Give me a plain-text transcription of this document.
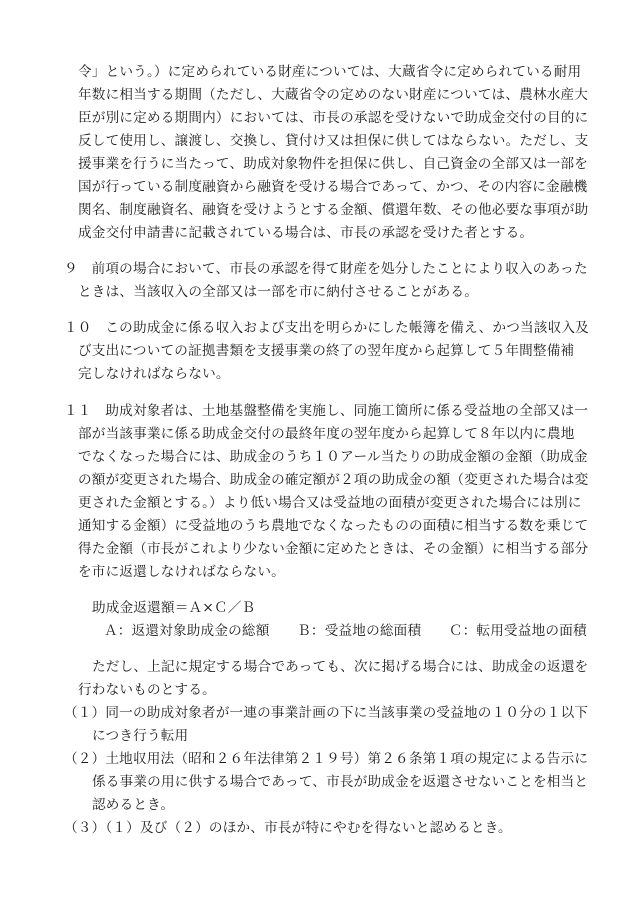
令」という。）に定められている財産については、大蔵省令に定められている耐用
年数に相当する期間（ただし、大蔵省令の定めのない財産については、農林水産大
臣が別に定める期間内）においては、市長の承認を受けないで助成金交付の目的に
反して使用し、譲渡し、交換し、貸付け又は担保に供してはならない。ただし、支
援事業を行うに当たって、助成対象物件を担保に供し、自己資金の全部又は一部を
国が行っている制度融資から融資を受ける場合であって、かつ、その内容に金融機
関名、制度融資名、融資を受けようとする金額、償還年数、その他必要な事項が助
成金交付申請書に記載されている場合は、市長の承認を受けた者とする。
９　前項の場合において、市長の承認を得て財産を処分したことにより収入のあった
ときは、当該収入の全部又は一部を市に納付させることがある。
１０　この助成金に係る収入および支出を明らかにした帳簿を備え、かつ当該収入及
び支出についての証拠書類を支援事業の終了の翌年度から起算して５年間整備補
完しなければならない。
１１　助成対象者は、土地基盤整備を実施し、同施工箇所に係る受益地の全部又は一
部が当該事業に係る助成金交付の最終年度の翌年度から起算して８年以内に農地
でなくなった場合には、助成金のうち１０アール当たりの助成金額の金額（助成金
の額が変更された場合、助成金の確定額が２項の助成金の額（変更された場合は変
更された金額とする。）より低い場合又は受益地の面積が変更された場合には別に
通知する金額）に受益地のうち農地でなくなったものの面積に相当する数を乗じて
得た金額（市長がこれより少ない金額に定めたときは、その金額）に相当する部分
を市に返還しなければならない。
助成金返還額＝Ａ×Ｃ／Ｂ
Ａ：返還対象助成金の総額　　Ｂ：受益地の総面積　　Ｃ：転用受益地の面積
ただし、上記に規定する場合であっても、次に掲げる場合には、助成金の返還を
行わないものとする。
（１）同一の助成対象者が一連の事業計画の下に当該事業の受益地の１０分の１以下
につき行う転用
（２）土地収用法（昭和２６年法律第２１９号）第２６条第１項の規定による告示に
係る事業の用に供する場合であって、市長が助成金を返還させないことを相当と
認めるとき。
（３）（１）及び（２）のほか、市長が特にやむを得ないと認めるとき。
